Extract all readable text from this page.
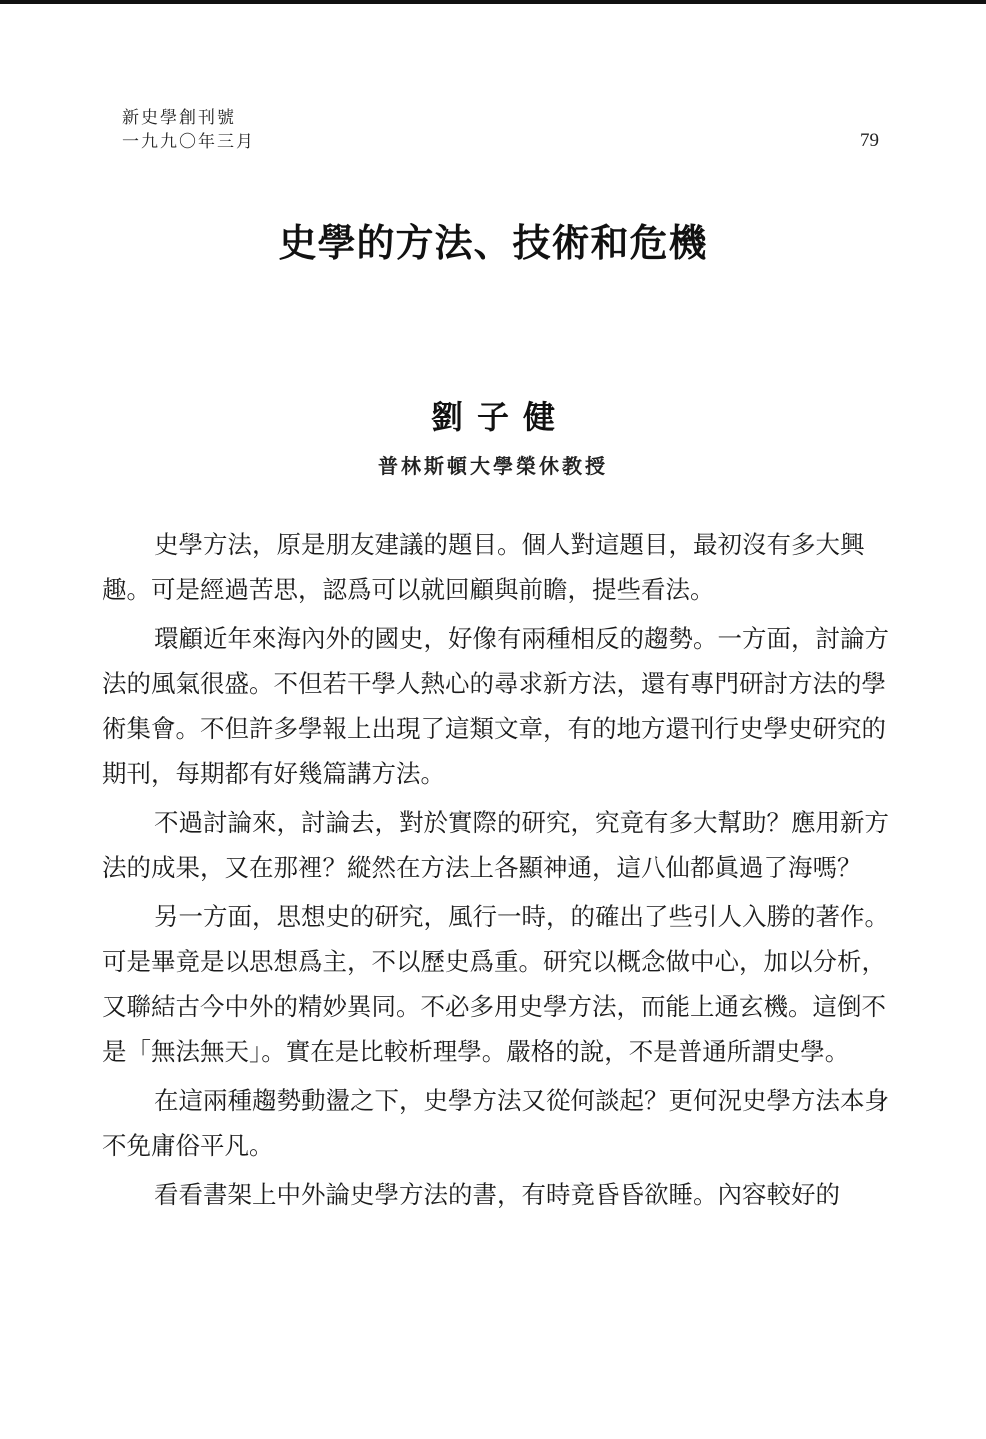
新史學創刊號
一九九〇年三月	79
史學的方法、技術和危機
劉子健
普林斯頓大學榮休教授

史學方法，原是朋友建議的題目。個人對這題目，最初沒有多大興趣。可是經過苦思，認爲可以就回顧與前瞻，提些看法。

環顧近年來海內外的國史，好像有兩種相反的趨勢。一方面，討論方法的風氣很盛。不但若干學人熱心的尋求新方法，還有專門研討方法的學術集會。不但許多學報上出現了這類文章，有的地方還刊行史學史研究的期刊，每期都有好幾篇講方法。

不過討論來，討論去，對於實際的研究，究竟有多大幫助？應用新方法的成果，又在那裡？縱然在方法上各顯神通，這八仙都眞過了海嗎？

另一方面，思想史的研究，風行一時，的確出了些引人入勝的著作。可是畢竟是以思想爲主，不以歷史爲重。研究以概念做中心，加以分析，又聯結古今中外的精妙異同。不必多用史學方法，而能上通玄機。這倒不是「無法無天」。實在是比較析理學。嚴格的說，不是普通所謂史學。

在這兩種趨勢動盪之下，史學方法又從何談起？更何況史學方法本身不免庸俗平凡。

看看書架上中外論史學方法的書，有時竟昏昏欲睡。內容較好的
